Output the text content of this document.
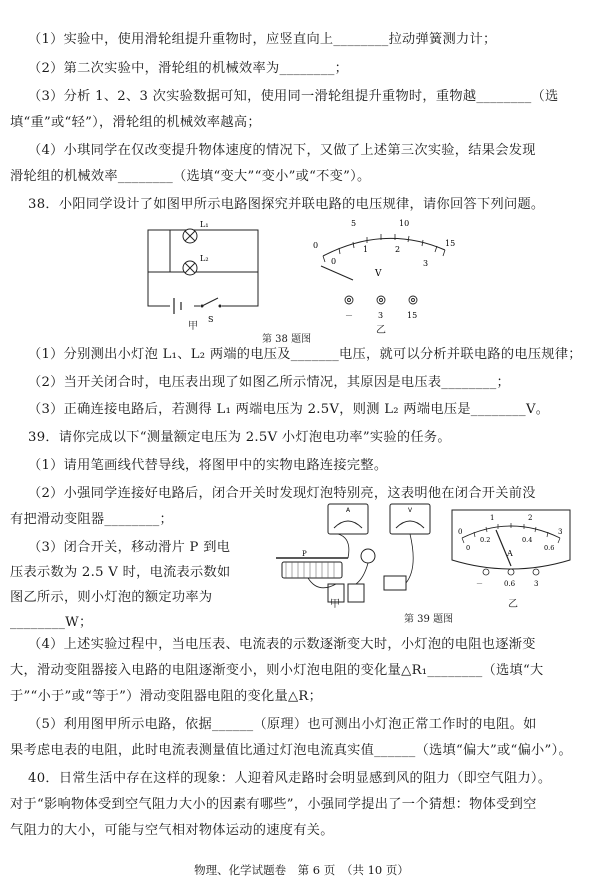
（1）实验中，使用滑轮组提升重物时，应竖直向上________拉动弹簧测力计；
（2）第二次实验中，滑轮组的机械效率为________；
（3）分析 1、2、3 次实验数据可知，使用同一滑轮组提升重物时，重物越________（选
填“重”或“轻”），滑轮组的机械效率越高；
（4）小琪同学在仅改变提升物体速度的情况下，又做了上述第三次实验，结果会发现
滑轮组的机械效率________（选填“变大”“变小”或“不变”）。
38．小阳同学设计了如图甲所示电路图探究并联电路的电压规律，请你回答下列问题。
L₁
L₂
S
甲
0
5	10
15
0
1	2
3
V
－	3	15
乙
第 38 题图
（1）分别测出小灯泡 L₁、L₂ 两端的电压及_______电压，就可以分析并联电路的电压规律；
（2）当开关闭合时，电压表出现了如图乙所示情况，其原因是电压表________；
（3）正确连接电路后，若测得 L₁ 两端电压为 2.5V，则测 L₂ 两端电压是________V。
39．请你完成以下“测量额定电压为 2.5V 小灯泡电功率”实验的任务。
（1）请用笔画线代替导线，将图甲中的实物电路连接完整。
（2）小强同学连接好电路后，闭合开关时发现灯泡特别亮，这表明他在闭合开关前没
有把滑动变阻器________；
（3）闭合开关，移动滑片 P 到电
压表示数为 2.5 V 时，电流表示数如
图乙所示，则小灯泡的额定功率为
________W；
A	V
P
甲
0
1	2
3
0
0.2	0.4
0.6
A
－	0.6	3
乙
第 39 题图
（4）上述实验过程中，当电压表、电流表的示数逐渐变大时，小灯泡的电阻也逐渐变
大，滑动变阻器接入电路的电阻逐渐变小，则小灯泡电阻的变化量△R₁________（选填“大
于”“小于”或“等于”）滑动变阻器电阻的变化量△R；
（5）利用图甲所示电路，依据______（原理）也可测出小灯泡正常工作时的电阻。如
果考虑电表的电阻，此时电流表测量值比通过灯泡电流真实值______（选填“偏大”或“偏小”）。
40．日常生活中存在这样的现象：人迎着风走路时会明显感到风的阻力（即空气阻力）。
对于“影响物体受到空气阻力大小的因素有哪些”，小强同学提出了一个猜想：物体受到空
气阻力的大小，可能与空气相对物体运动的速度有关。
物理、化学试题卷　第 6 页　（共 10 页）
